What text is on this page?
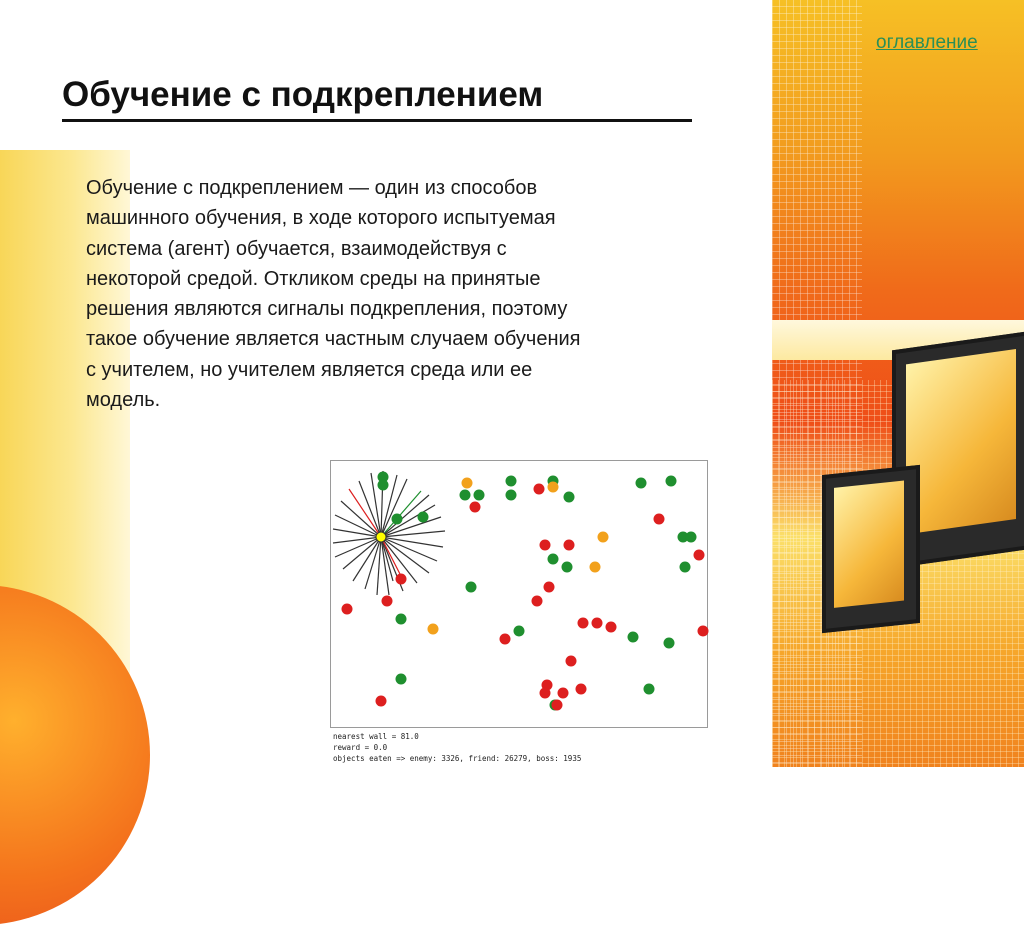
оглавление
Обучение с подкреплением

Обучение с подкреплением — один из способов машинного обучения, в ходе которого испытуемая система (агент) обучается, взаимодействуя с некоторой средой. Откликом среды на принятые решения являются сигналы подкрепления, поэтому такое обучение является частным случаем обучения с учителем, но учителем является среда или ее модель.

nearest wall = 81.0
reward = 0.0
objects eaten => enemy: 3326, friend: 26279, boss: 1935
